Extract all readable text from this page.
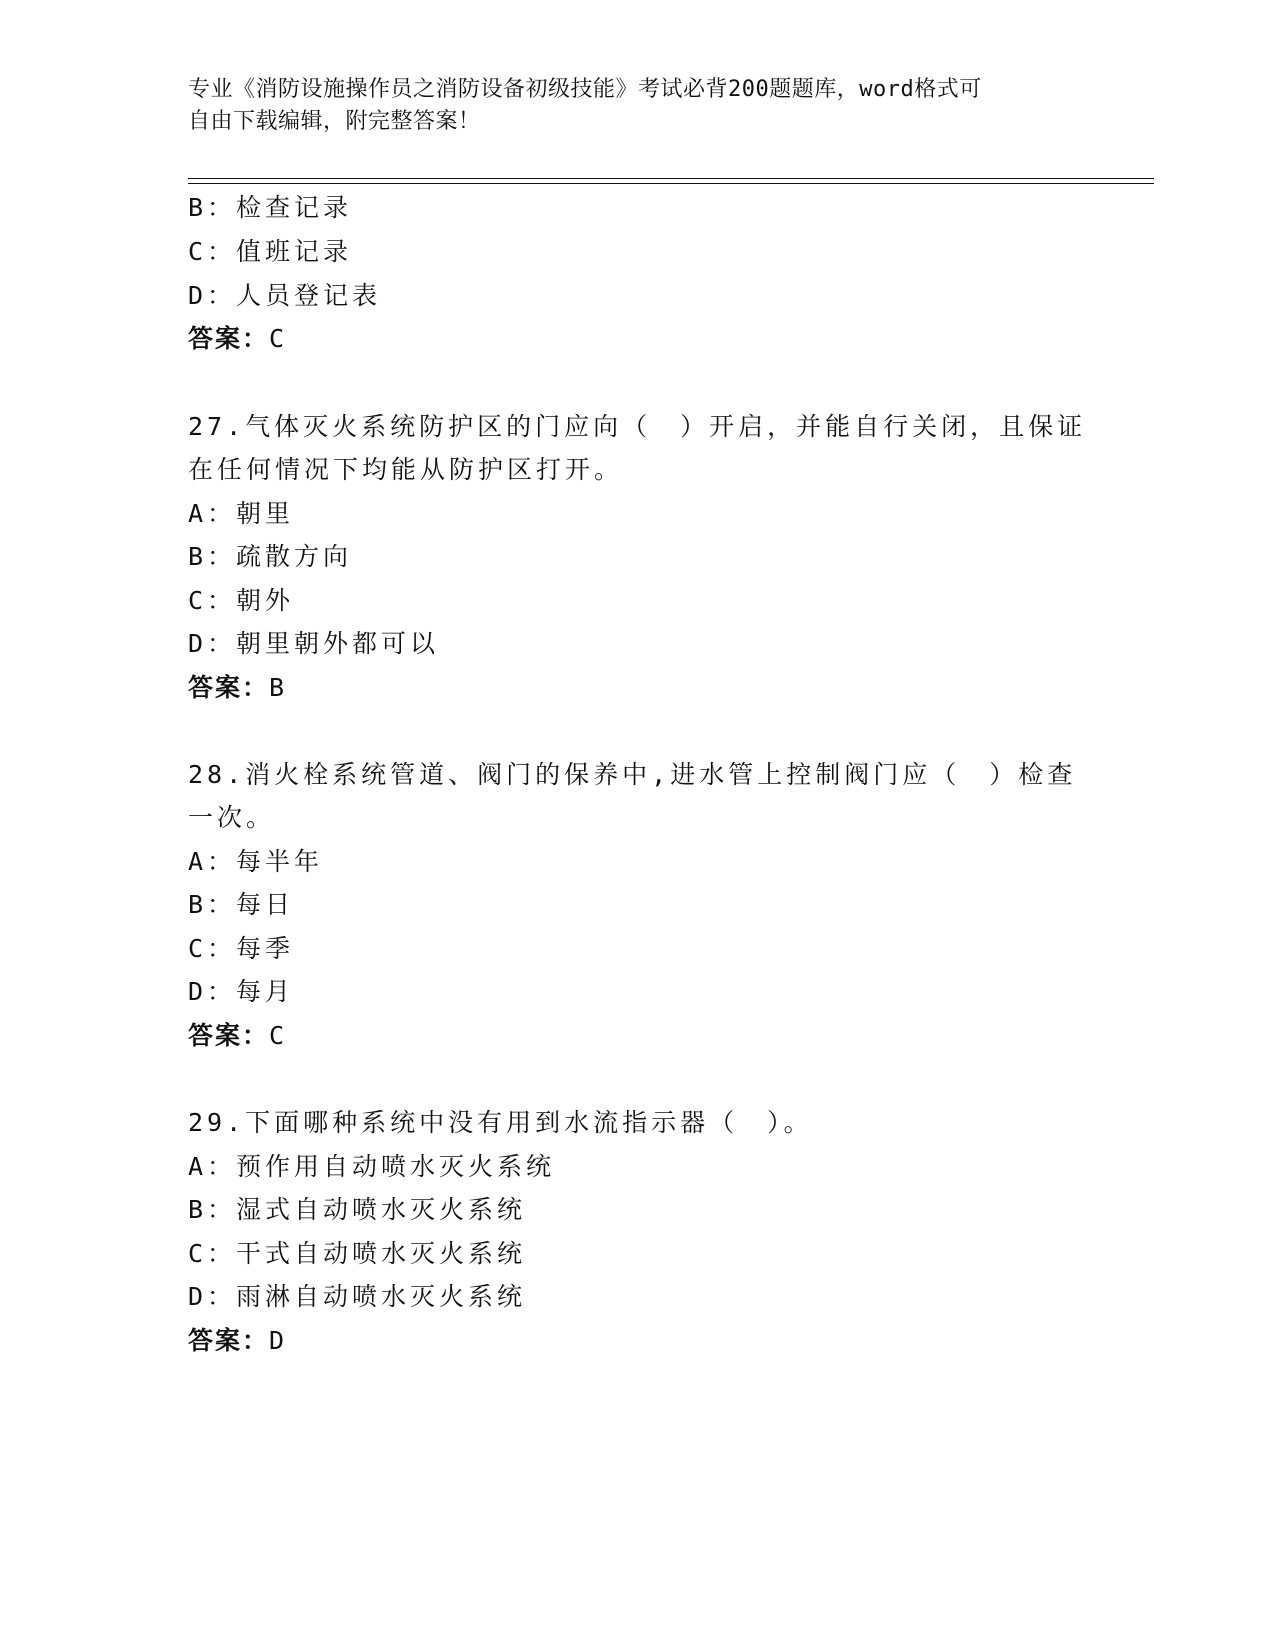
专业《消防设施操作员之消防设备初级技能》考试必背200题题库，word格式可
自由下载编辑，附完整答案！
B：检查记录
C：值班记录
D：人员登记表
答案：C
27.气体灭火系统防护区的门应向（　）开启，并能自行关闭，且保证
在任何情况下均能从防护区打开。
A：朝里
B：疏散方向
C：朝外
D：朝里朝外都可以
答案：B
28.消火栓系统管道、阀门的保养中,进水管上控制阀门应（　）检查
一次。
A：每半年
B：每日
C：每季
D：每月
答案：C
29.下面哪种系统中没有用到水流指示器（　）。
A：预作用自动喷水灭火系统
B：湿式自动喷水灭火系统
C：干式自动喷水灭火系统
D：雨淋自动喷水灭火系统
答案：D
